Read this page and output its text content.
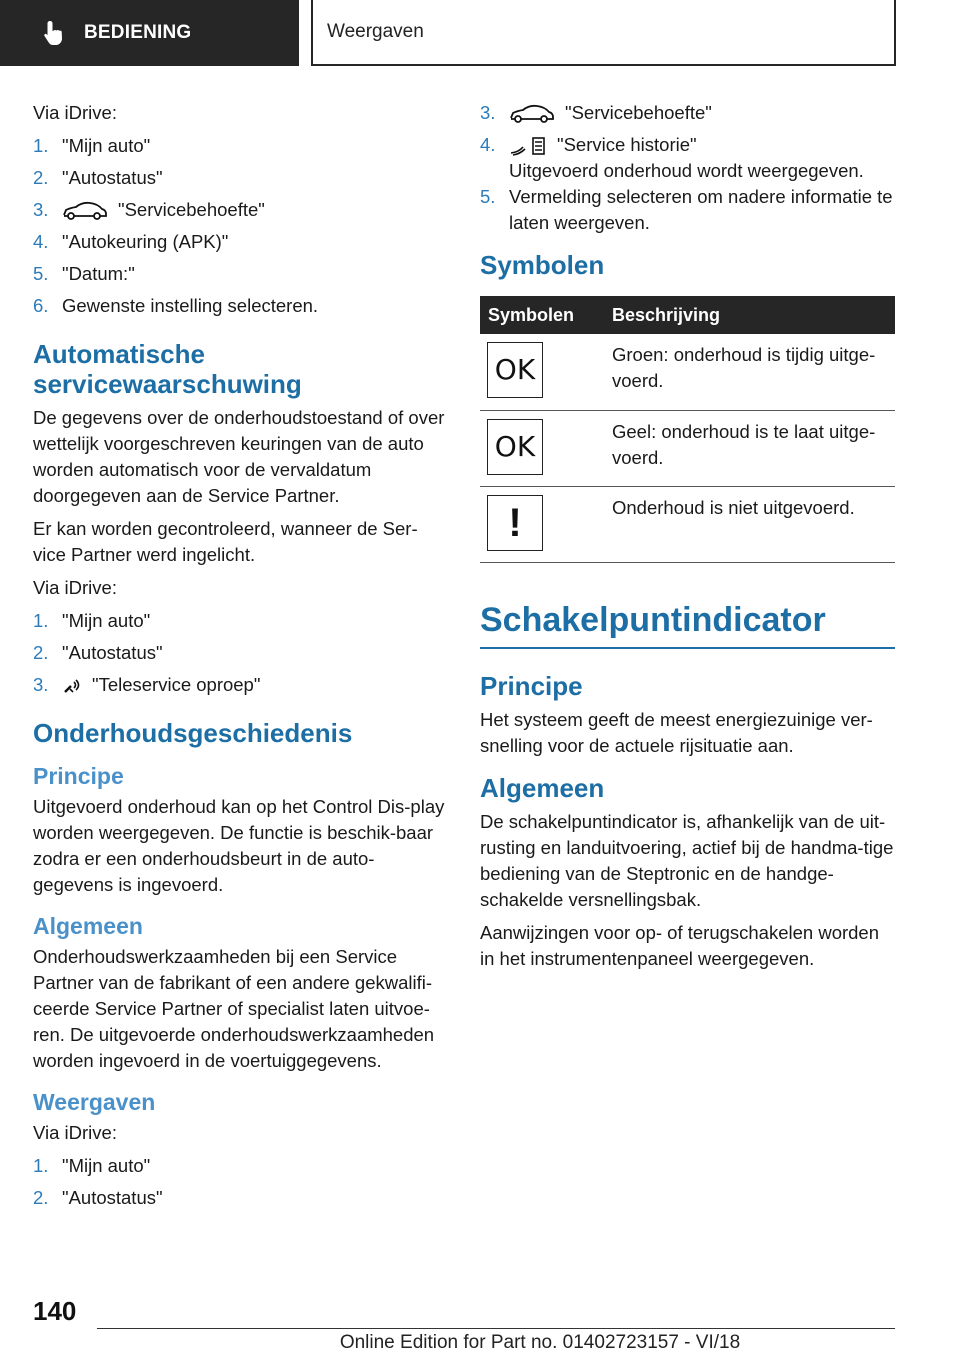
BEDIENING	Weergaven

Via iDrive:

1. "Mijn auto"
2. "Autostatus"
3.	"Servicebehoefte"
4. "Autokeuring (APK)"
5. "Datum:"
6. Gewenste instelling selecteren.
Automatische servicewaarschuwing

De gegevens over de onderhoudstoestand of over wettelijk voorgeschreven keuringen van de auto worden automatisch voor de vervaldatum doorgegeven aan de Service Partner.

Er kan worden gecontroleerd, wanneer de Ser‐vice Partner werd ingelicht.

Via iDrive:

1. "Mijn auto"
2. "Autostatus"
3. "Teleservice oproep"
Onderhoudsgeschiedenis
Principe

Uitgevoerd onderhoud kan op het Control Dis‐play worden weergegeven. De functie is beschik‐baar zodra er een onderhoudsbeurt in de auto‐gegevens is ingevoerd.

Algemeen

Onderhoudswerkzaamheden bij een Service Partner van de fabrikant of een andere gekwalifi‐ceerde Service Partner of specialist laten uitvoe‐ren. De uitgevoerde onderhoudswerkzaamheden worden ingevoerd in de voertuiggegevens.

Weergaven

Via iDrive:

1. "Mijn auto"
2. "Autostatus"
3.	"Servicebehoefte"
4.	"Service historie"
Uitgevoerd onderhoud wordt weergegeven.
5. Vermelding selecteren om nadere informatie te laten weergeven.
Symbolen
Symbolen	Beschrijving

OK	Groen: onderhoud is tijdig uitge‐voerd.

OK	Geel: onderhoud is te laat uitge‐voerd.

!	Onderhoud is niet uitgevoerd.
Schakelpuntindicator
Principe

Het systeem geeft de meest energiezuinige ver‐snelling voor de actuele rijsituatie aan.

Algemeen

De schakelpuntindicator is, afhankelijk van de uit‐rusting en landuitvoering, actief bij de handma‐tige bediening van de Steptronic en de handge‐schakelde versnellingsbak.

Aanwijzingen voor op- of terugschakelen worden in het instrumentenpaneel weergegeven.

140
Online Edition for Part no. 01402723157 - VI/18
